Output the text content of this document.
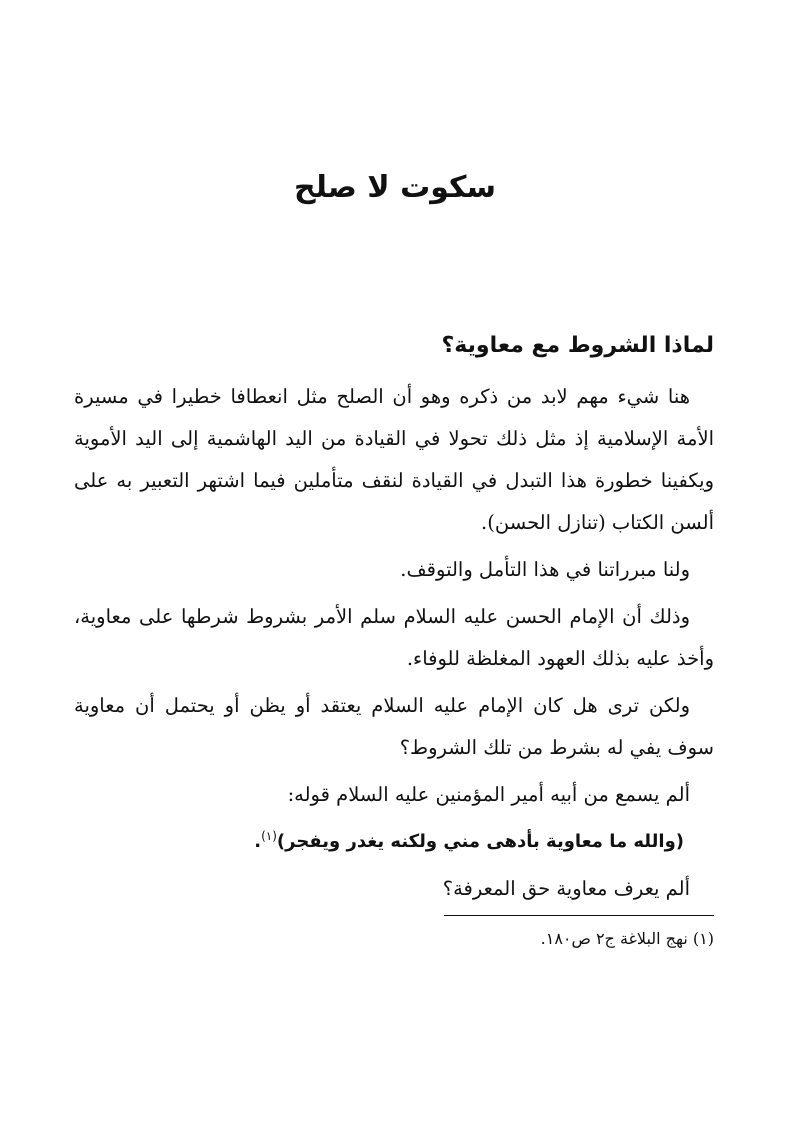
سكوت لا صلح
لماذا الشروط مع معاوية؟

هنا شيء مهم لابد من ذكره وهو أن الصلح مثل انعطافا خطيرا في مسيرة الأمة الإسلامية إذ مثل ذلك تحولا في القيادة من اليد الهاشمية إلى اليد الأموية ويكفينا خطورة هذا التبدل في القيادة لنقف متأملين فيما اشتهر التعبير به على ألسن الكتاب (تنازل الحسن).

ولنا مبرراتنا في هذا التأمل والتوقف.

وذلك أن الإمام الحسن عليه السلام سلم الأمر بشروط شرطها على معاوية، وأخذ عليه بذلك العهود المغلظة للوفاء.

ولكن ترى هل كان الإمام عليه السلام يعتقد أو يظن أو يحتمل أن معاوية سوف يفي له بشرط من تلك الشروط؟

ألم يسمع من أبيه أمير المؤمنين عليه السلام قوله:

(والله ما معاوية بأدهى مني ولكنه يغدر ويفجر)$^{(١)}$.

ألم يعرف معاوية حق المعرفة؟

(١) نهج البلاغة ج٢ ص١٨٠.
